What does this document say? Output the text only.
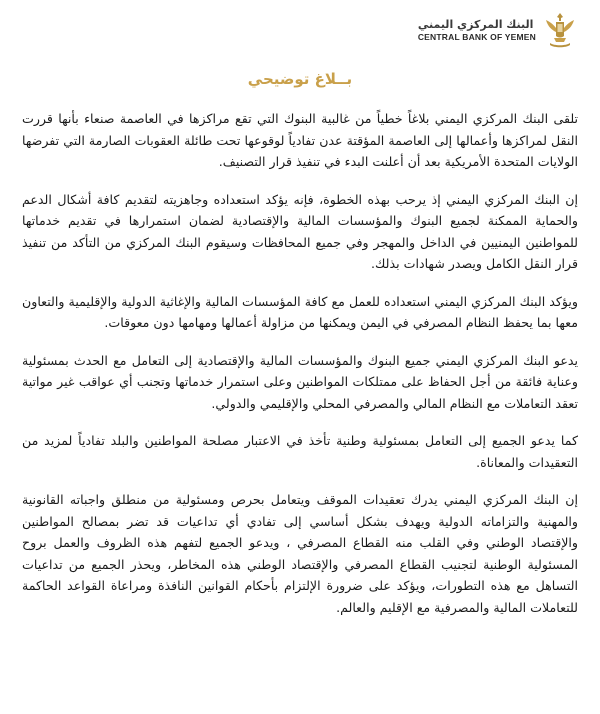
البنك المركزي اليمني
CENTRAL BANK OF YEMEN
بــلاغ توضيحي

تلقى البنك المركزي اليمني بلاغاً خطياً من غالبية البنوك التي تقع مراكزها في العاصمة صنعاء بأنها قررت النقل لمراكزها وأعمالها إلى العاصمة المؤقتة عدن تفادياً لوقوعها تحت طائلة العقوبات الصارمة التي تفرضها الولايات المتحدة الأمريكية بعد أن أعلنت البدء في تنفيذ قرار التصنيف.

إن البنك المركزي اليمني إذ يرحب بهذه الخطوة، فإنه يؤكد استعداده وجاهزيته لتقديم كافة أشكال الدعم والحماية الممكنة لجميع البنوك والمؤسسات المالية والإقتصادية لضمان استمرارها في تقديم خدماتها للمواطنين اليمنيين في الداخل والمهجر وفي جميع المحافظات وسيقوم البنك المركزي من التأكد من تنفيذ قرار النقل الكامل ويصدر شهادات بذلك.

ويؤكد البنك المركزي اليمني استعداده للعمل مع كافة المؤسسات المالية والإغاثية الدولية والإقليمية والتعاون معها بما يحفظ النظام المصرفي في اليمن ويمكنها من مزاولة أعمالها ومهامها دون معوقات.

يدعو البنك المركزي اليمني جميع البنوك والمؤسسات المالية والإقتصادية إلى التعامل مع الحدث بمسئولية وعناية فائقة من أجل الحفاظ على ممتلكات المواطنين وعلى استمرار خدماتها وتجنب أي عواقب غير مواتية تعقد التعاملات مع النظام المالي والمصرفي المحلي والإقليمي والدولي.

كما يدعو الجميع إلى التعامل بمسئولية وطنية تأخذ في الاعتبار مصلحة المواطنين والبلد تفادياً لمزيد من التعقيدات والمعاناة.

إن البنك المركزي اليمني يدرك تعقيدات الموقف ويتعامل بحرص ومسئولية من منطلق واجباته القانونية والمهنية والتزاماته الدولية ويهدف بشكل أساسي إلى تفادي أي تداعيات قد تضر بمصالح المواطنين والإقتصاد الوطني وفي القلب منه القطاع المصرفي ، ويدعو الجميع لتفهم هذه الظروف والعمل بروح المسئولية الوطنية لتجنيب القطاع المصرفي والإقتصاد الوطني هذه المخاطر، ويحذر الجميع من تداعيات التساهل مع هذه التطورات، ويؤكد على ضرورة الإلتزام بأحكام القوانين النافذة ومراعاة القواعد الحاكمة للتعاملات المالية والمصرفية مع الإقليم والعالم.
